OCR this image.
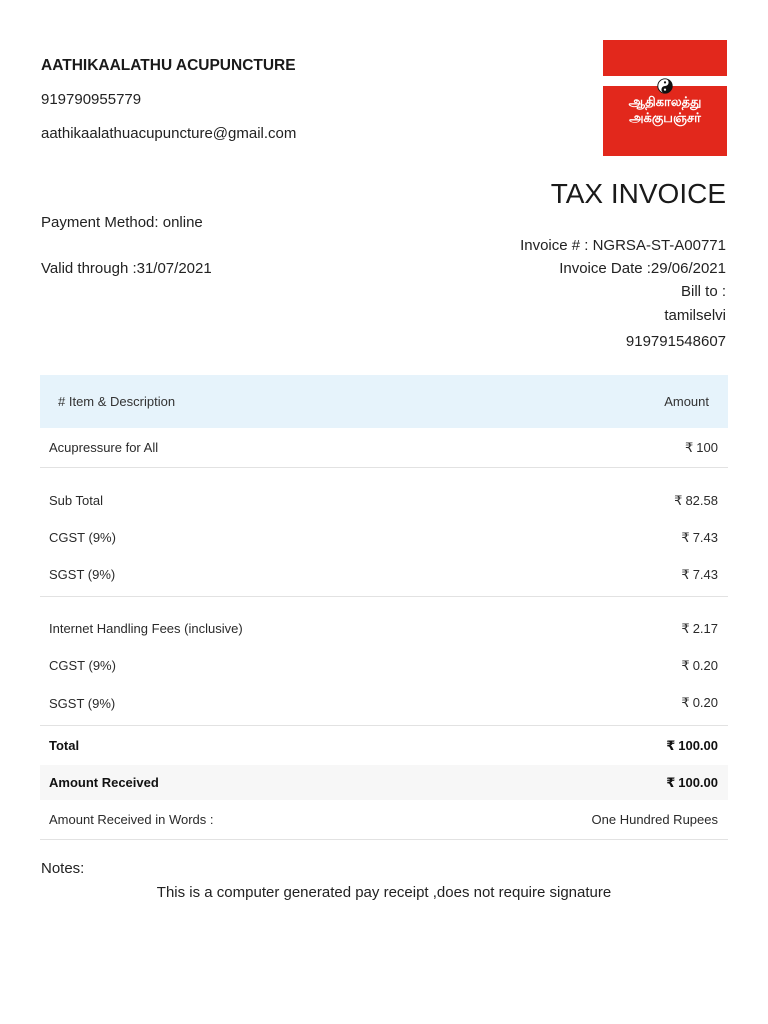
AATHIKAALATHU ACUPUNCTURE
919790955779
aathikaalathuacupuncture@gmail.com
ஆதிகாலத்து
அக்குபஞ்சர்
TAX INVOICE
Payment Method: online
Valid through :31/07/2021
Invoice # : NGRSA-ST-A00771
Invoice Date :29/06/2021
Bill to :
tamilselvi
919791548607
# Item & Description	Amount
Acupressure for All	₹ 100
Sub Total	₹ 82.58
CGST (9%)	₹ 7.43
SGST (9%)	₹ 7.43
Internet Handling Fees (inclusive)	₹ 2.17
CGST (9%)	₹ 0.20
SGST (9%)	₹ 0.20
Total	₹ 100.00
Amount Received	₹ 100.00
Amount Received in Words :	One Hundred Rupees
Notes:
This is a computer generated pay receipt ,does not require signature
